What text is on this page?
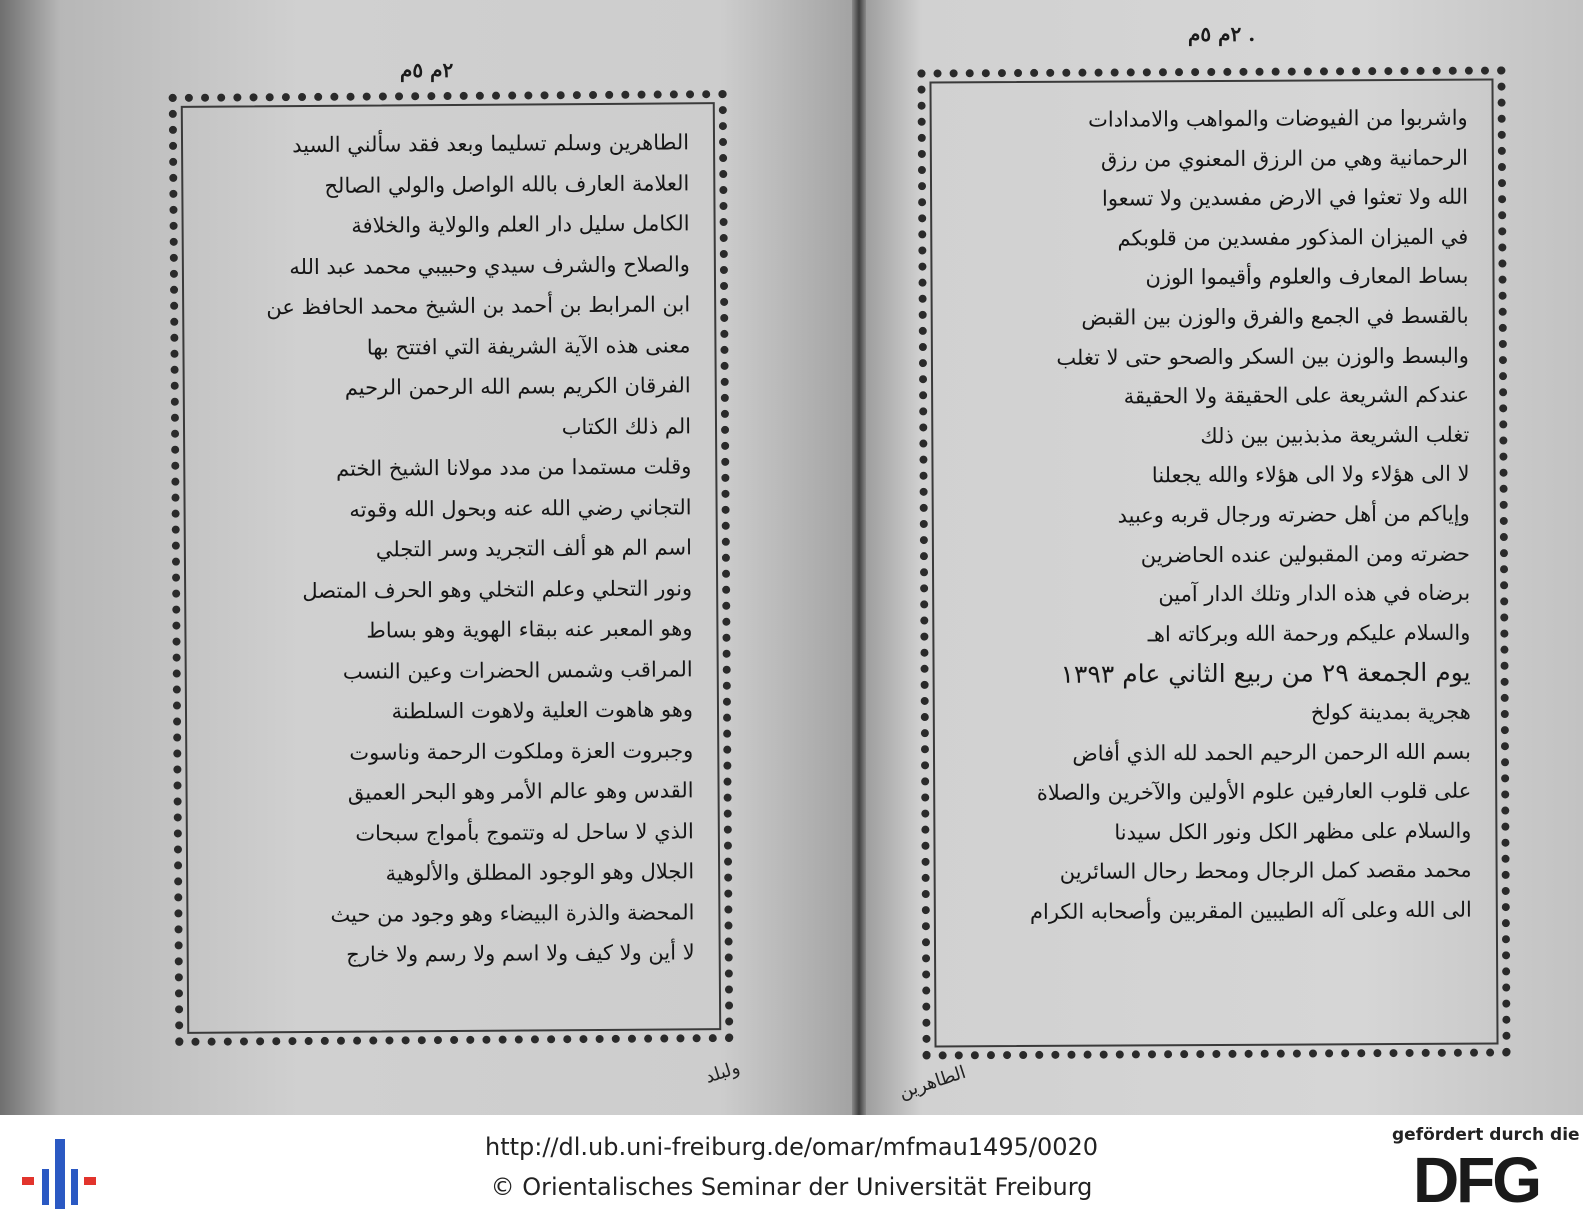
٢م ٥م
٢م ٥م .
الطاهرين وسلم تسليما وبعد فقد سألني السيد
العلامة العارف بالله الواصل والولي الصالح
الكامل سليل دار العلم والولاية والخلافة
والصلاح والشرف سيدي وحبيبي محمد عبد الله
ابن المرابط بن أحمد بن الشيخ محمد الحافظ عن
معنى هذه الآية الشريفة التي افتتح بها
الفرقان الكريم بسم الله الرحمن الرحيم
الم ذلك الكتاب
وقلت مستمدا من مدد مولانا الشيخ الختم
التجاني رضي الله عنه وبحول الله وقوته
اسم الم هو ألف التجريد وسر التجلي
ونور التحلي وعلم التخلي وهو الحرف المتصل
وهو المعبر عنه ببقاء الهوية وهو بساط
المراقب وشمس الحضرات وعين النسب
وهو هاهوت العلية ولاهوت السلطنة
وجبروت العزة وملكوت الرحمة وناسوت
القدس وهو عالم الأمر وهو البحر العميق
الذي لا ساحل له وتتموج بأمواج سبحات
الجلال وهو الوجود المطلق والألوهية
المحضة والذرة البيضاء وهو وجود من حيث
لا أين ولا كيف ولا اسم ولا رسم ولا خارج
واشربوا من الفيوضات والمواهب والامدادات
الرحمانية وهي من الرزق المعنوي من رزق
الله ولا تعثوا في الارض مفسدين ولا تسعوا
في الميزان المذكور مفسدين من قلوبكم
بساط المعارف والعلوم وأقيموا الوزن
بالقسط في الجمع والفرق والوزن بين القبض
والبسط والوزن بين السكر والصحو حتى لا تغلب
عندكم الشريعة على الحقيقة ولا الحقيقة
تغلب الشريعة مذبذبين بين ذلك
لا الى هؤلاء ولا الى هؤلاء والله يجعلنا
وإياكم من أهل حضرته ورجال قربه وعبيد
حضرته ومن المقبولين عنده الحاضرين
برضاه في هذه الدار وتلك الدار آمين
والسلام عليكم ورحمة الله وبركاته اهـ
يوم الجمعة ٢٩ من ربيع الثاني عام ١٣٩٣
هجرية بمدينة كولخ
بسم الله الرحمن الرحيم الحمد لله الذي أفاض
على قلوب العارفين علوم الأولين والآخرين والصلاة
والسلام على مظهر الكل ونور الكل سيدنا
محمد مقصد كمل الرجال ومحط رحال السائرين
الى الله وعلى آله الطيبين المقربين وأصحابه الكرام
ولبلد	الطاهرين
http://dl.ub.uni-freiburg.de/omar/mfmau1495/0020
© Orientalisches Seminar der Universität Freiburg
gefördert durch die
DFG
